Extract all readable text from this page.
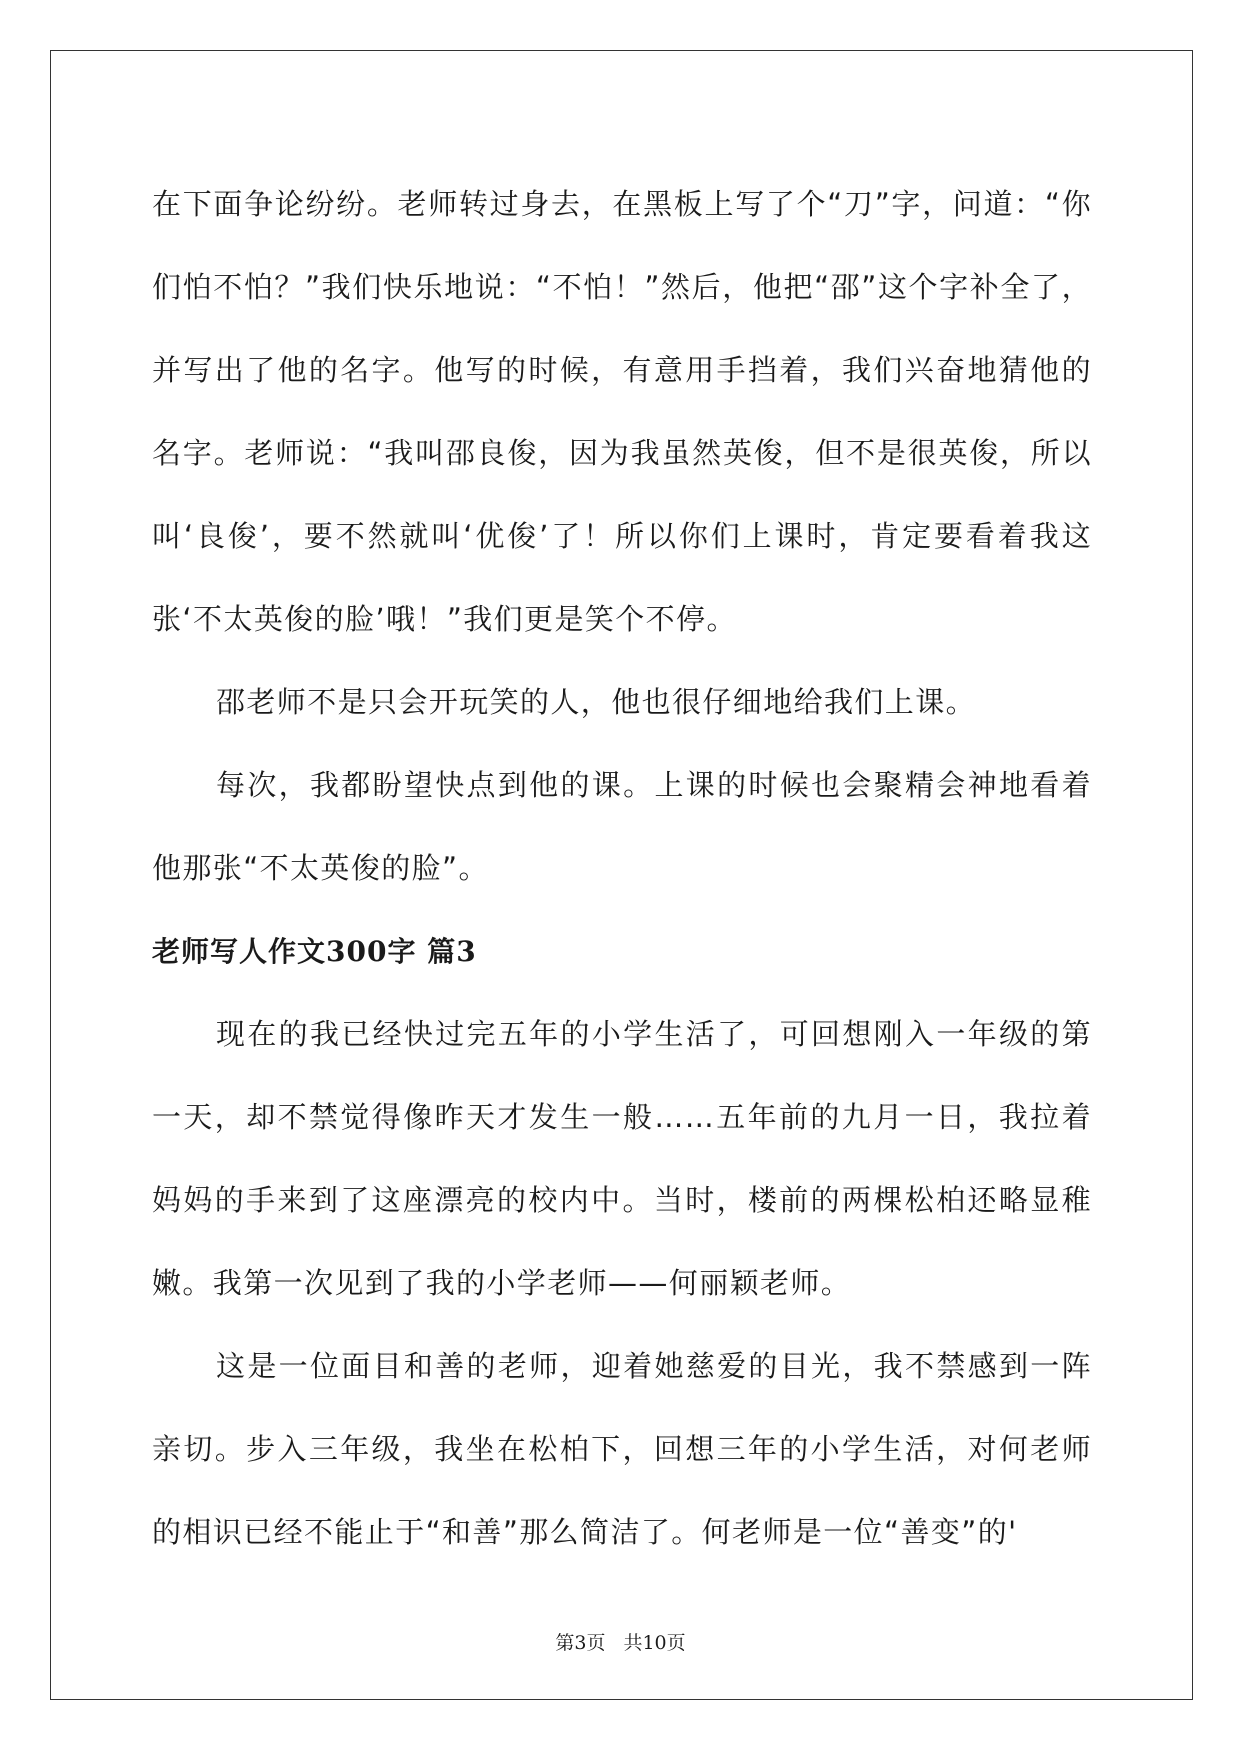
在下面争论纷纷。老师转过身去，在黑板上写了个“刀”字，问道：“你们怕不怕？”我们快乐地说：“不怕！”然后，他把“邵”这个字补全了，并写出了他的名字。他写的时候，有意用手挡着，我们兴奋地猜他的名字。老师说：“我叫邵良俊，因为我虽然英俊，但不是很英俊，所以叫‘良俊’，要不然就叫‘优俊’了！所以你们上课时，肯定要看着我这张‘不太英俊的脸’哦！”我们更是笑个不停。

邵老师不是只会开玩笑的人，他也很仔细地给我们上课。

每次，我都盼望快点到他的课。上课的时候也会聚精会神地看着他那张“不太英俊的脸”。

老师写人作文300字 篇3

现在的我已经快过完五年的小学生活了，可回想刚入一年级的第一天，却不禁觉得像昨天才发生一般……五年前的九月一日，我拉着妈妈的手来到了这座漂亮的校内中。当时，楼前的两棵松柏还略显稚嫩。我第一次见到了我的小学老师——何丽颖老师。

这是一位面目和善的老师，迎着她慈爱的目光，我不禁感到一阵亲切。步入三年级，我坐在松柏下，回想三年的小学生活，对何老师的相识已经不能止于“和善”那么简洁了。何老师是一位“善变”的'

第3页 共10页
